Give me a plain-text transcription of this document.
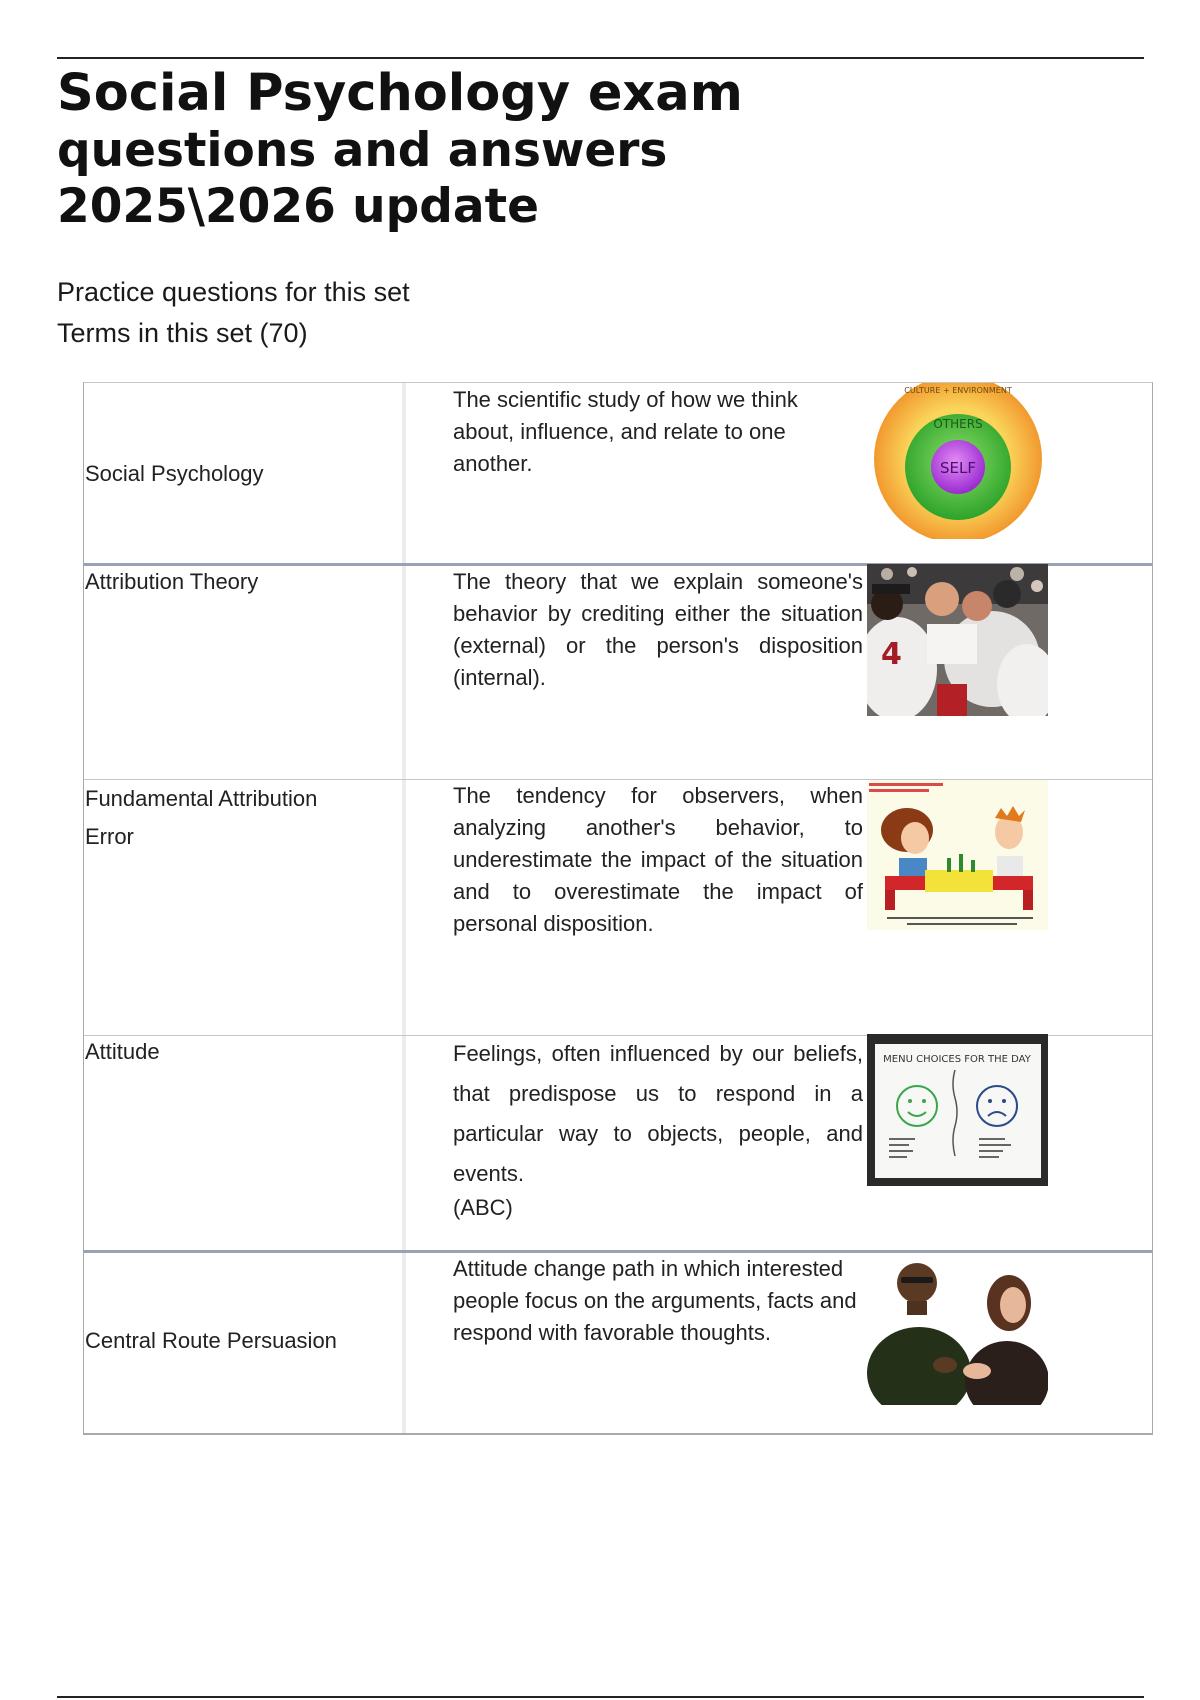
Social Psychology exam
questions and answers
2025\2026 update
Practice questions for this set
Terms in this set (70)
Social Psychology
The scientific study of how we think about, influence, and relate to one another.
CULTURE + ENVIRONMENT
OTHERS
SELF
Attribution Theory	The theory that we explain someone's behavior by crediting either the situation (external) or the person's disposition (internal).
4
Fundamental Attribution
Error
The tendency for observers, when analyzing another's behavior, to underestimate the impact of the situation and to overestimate the impact of personal disposition.
Attitude	Feelings, often influenced by our beliefs, that predispose us to respond in a particular way to objects, people, and events.
(ABC)
MENU CHOICES FOR THE DAY
Central Route Persuasion
Attitude change path in which interested people focus on the arguments, facts and respond with favorable thoughts.
